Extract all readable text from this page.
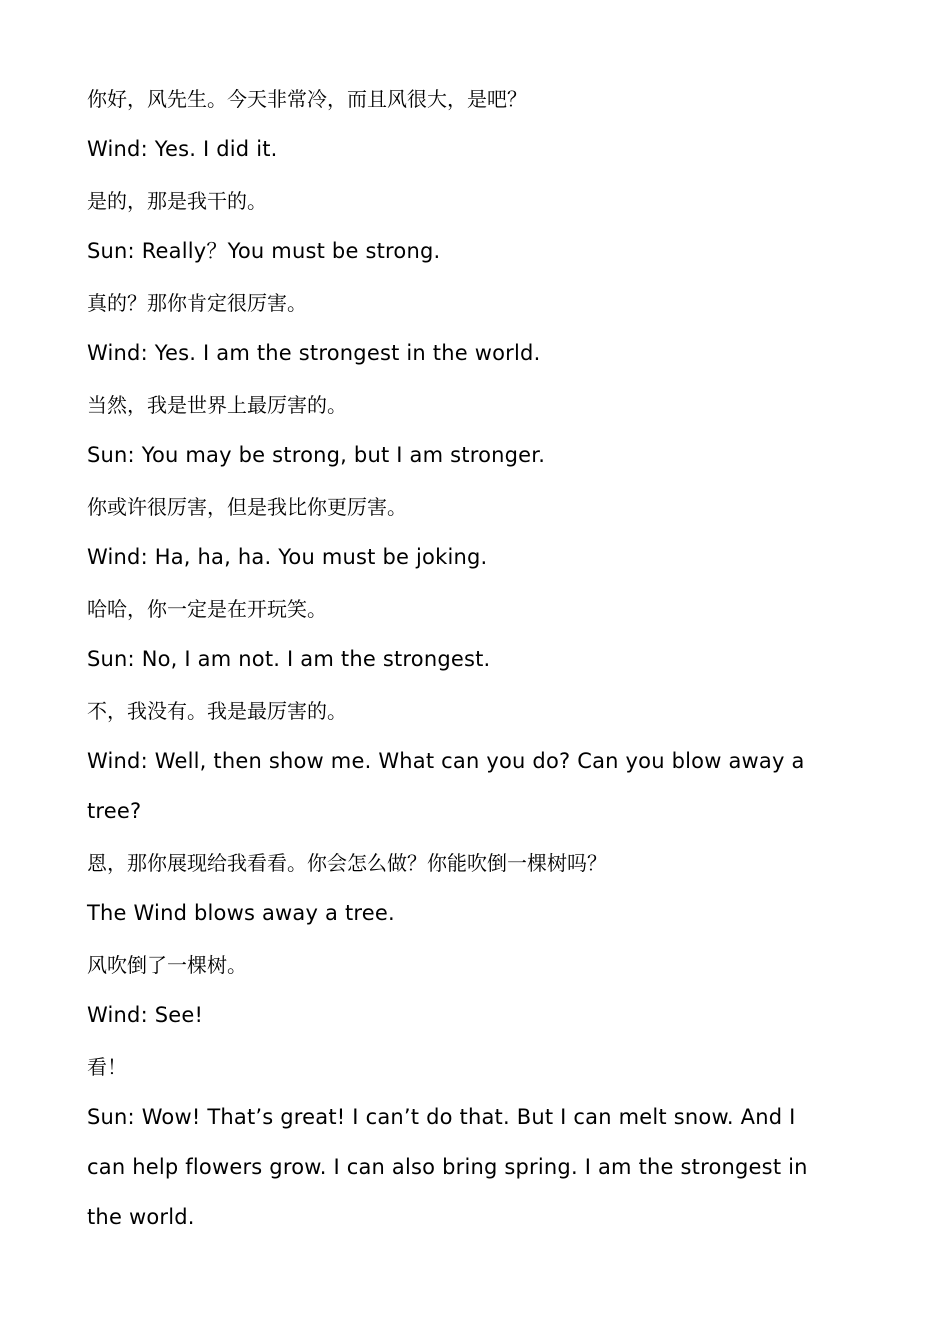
你好，风先生。今天非常冷，而且风很大，是吧？

Wind: Yes. I did it.

是的，那是我干的。

Sun: Really？You must be strong.

真的？那你肯定很厉害。

Wind: Yes. I am the strongest in the world.

当然，我是世界上最厉害的。

Sun: You may be strong, but I am stronger.

你或许很厉害，但是我比你更厉害。

Wind: Ha, ha, ha. You must be joking.

哈哈，你一定是在开玩笑。

Sun: No, I am not. I am the strongest.

不，我没有。我是最厉害的。

Wind: Well, then show me. What can you do? Can you blow away a tree?

恩，那你展现给我看看。你会怎么做？你能吹倒一棵树吗？

The Wind blows away a tree.

风吹倒了一棵树。

Wind: See!

看！

Sun: Wow! That’s great! I can’t do that. But I can melt snow. And I can help flowers grow. I can also bring spring. I am the strongest in the world.
